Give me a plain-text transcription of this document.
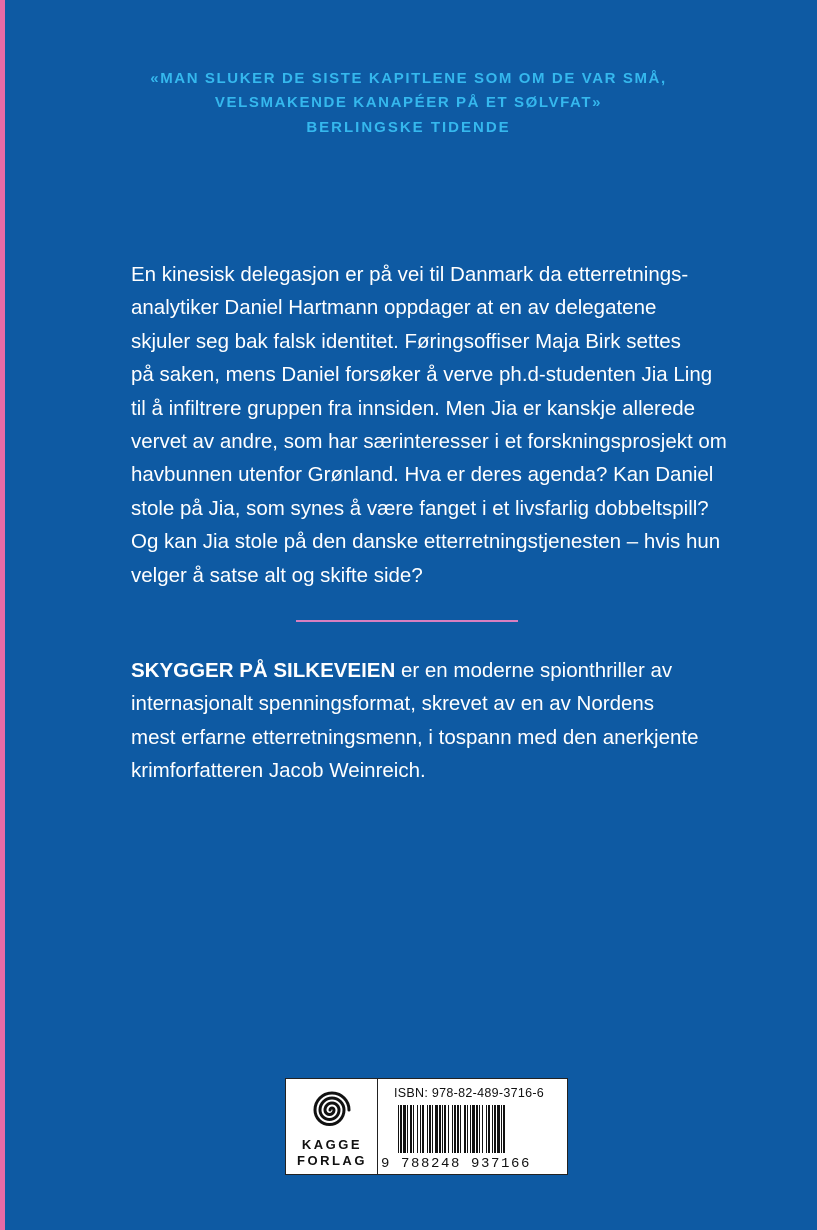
«MAN SLUKER DE SISTE KAPITLENE SOM OM DE VAR SMÅ,
VELSMAKENDE KANAPÉER PÅ ET SØLVFAT»
BERLINGSKE TIDENDE
En kinesisk delegasjon er på vei til Danmark da etterretnings-
analytiker Daniel Hartmann oppdager at en av delegatene
skjuler seg bak falsk identitet. Føringsoffiser Maja Birk settes
på saken, mens Daniel forsøker å verve ph.d-studenten Jia Ling
til å infiltrere gruppen fra innsiden. Men Jia er kanskje allerede
vervet av andre, som har særinteresser i et forskningsprosjekt om
havbunnen utenfor Grønland. Hva er deres agenda? Kan Daniel
stole på Jia, som synes å være fanget i et livsfarlig dobbeltspill?
Og kan Jia stole på den danske etterretningstjenesten – hvis hun
velger å satse alt og skifte side?
SKYGGER PÅ SILKEVEIEN er en moderne spionthriller av
internasjonalt spenningsformat, skrevet av en av Nordens
mest erfarne etterretningsmenn, i tospann med den anerkjente
krimforfatteren Jacob Weinreich.
KAGGE
FORLAG
ISBN: 978-82-489-3716-6
9 788248 937166
